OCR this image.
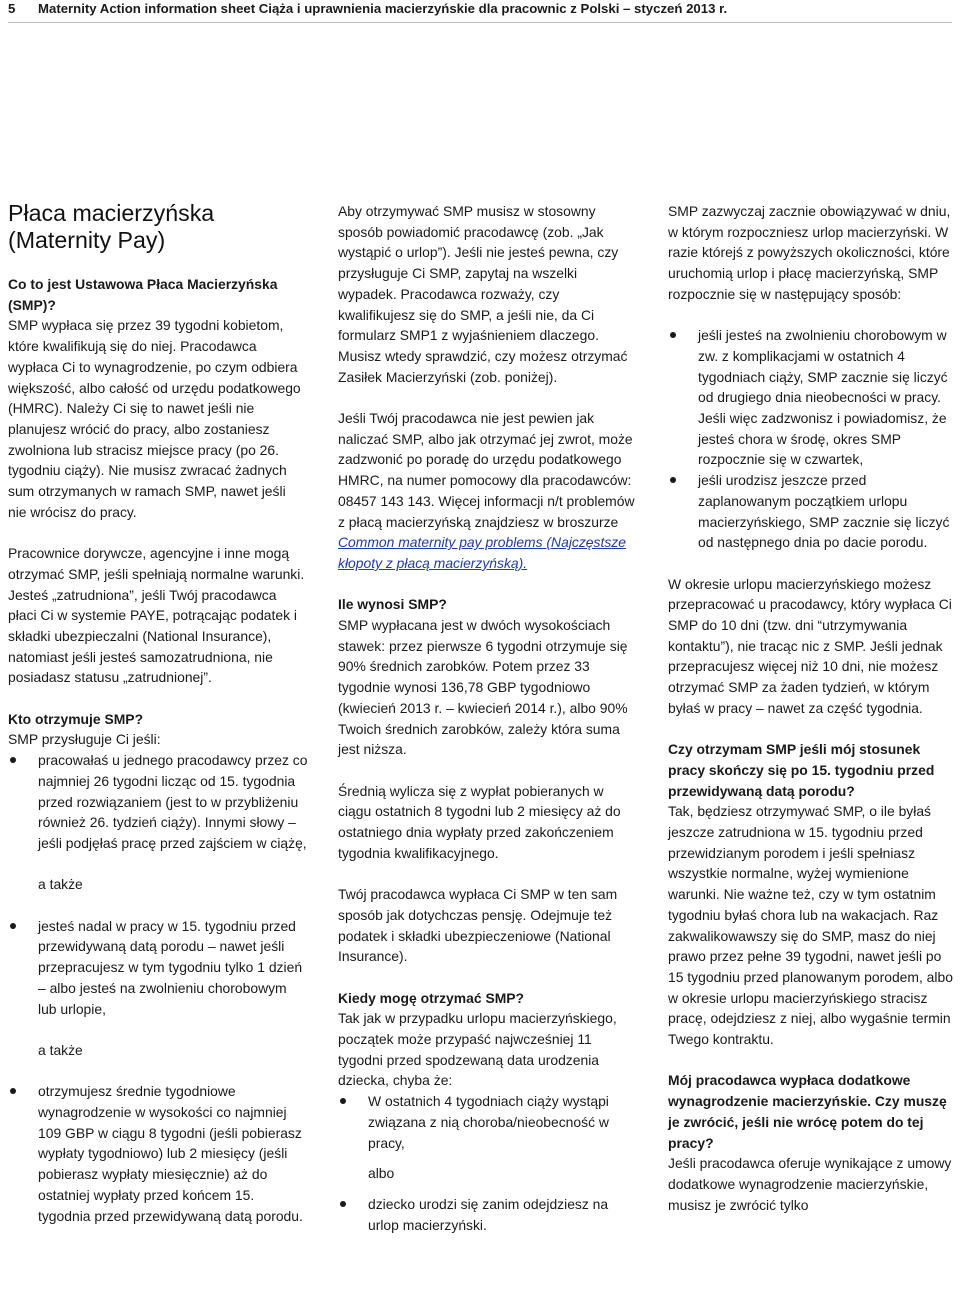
5 Maternity Action information sheet Ciąża i uprawnienia macierzyńskie dla pracownic z Polski – styczeń 2013 r.
Płaca macierzyńska
(Maternity Pay)

Co to jest Ustawowa Płaca Macierzyńska (SMP)?

SMP wypłaca się przez 39 tygodni kobietom, które kwalifikują się do niej. Pracodawca wypłaca Ci to wynagrodzenie, po czym odbiera większość, albo całość od urzędu podatkowego (HMRC). Należy Ci się to nawet jeśli nie planujesz wrócić do pracy, albo zostaniesz zwolniona lub stracisz miejsce pracy (po 26. tygodniu ciąży). Nie musisz zwracać żadnych sum otrzymanych w ramach SMP, nawet jeśli nie wrócisz do pracy.

Pracownice dorywcze, agencyjne i inne mogą otrzymać SMP, jeśli spełniają normalne warunki. Jesteś „zatrudniona”, jeśli Twój pracodawca płaci Ci w systemie PAYE, potrącając podatek i składki ubezpieczalni (National Insurance), natomiast jeśli jesteś samozatrudniona, nie posiadasz statusu „zatrudnionej”.

Kto otrzymuje SMP?

SMP przysługuje Ci jeśli:

pracowałaś u jednego pracodawcy przez co najmniej 26 tygodni licząc od 15. tygodnia przed rozwiązaniem (jest to w przybliżeniu również 26. tydzień ciąży). Innymi słowy – jeśli podjęłaś pracę przed zajściem w ciążę,

a także

jesteś nadal w pracy w 15. tygodniu przed przewidywaną datą porodu – nawet jeśli przepracujesz w tym tygodniu tylko 1 dzień – albo jesteś na zwolnieniu chorobowym lub urlopie,

a także

otrzymujesz średnie tygodniowe wynagrodzenie w wysokości co najmniej 109 GBP w ciągu 8 tygodni (jeśli pobierasz wypłaty tygodniowo) lub 2 miesięcy (jeśli pobierasz wypłaty miesięcznie) aż do ostatniej wypłaty przed końcem 15. tygodnia przed przewidywaną datą porodu.

Aby otrzymywać SMP musisz w stosowny sposób powiadomić pracodawcę (zob. „Jak wystąpić o urlop”). Jeśli nie jesteś pewna, czy przysługuje Ci SMP, zapytaj na wszelki wypadek. Pracodawca rozważy, czy kwalifikujesz się do SMP, a jeśli nie, da Ci formularz SMP1 z wyjaśnieniem dlaczego. Musisz wtedy sprawdzić, czy możesz otrzymać Zasiłek Macierzyński (zob. poniżej).

Jeśli Twój pracodawca nie jest pewien jak naliczać SMP, albo jak otrzymać jej zwrot, może zadzwonić po poradę do urzędu podatkowego HMRC, na numer pomocowy dla pracodawców: 08457 143 143. Więcej informacji n/t problemów z płacą macierzyńską znajdziesz w broszurze Common maternity pay problems (Najczęstsze kłopoty z płacą macierzyńską).

Ile wynosi SMP?

SMP wypłacana jest w dwóch wysokościach stawek: przez pierwsze 6 tygodni otrzymuje się 90% średnich zarobków. Potem przez 33 tygodnie wynosi 136,78 GBP tygodniowo (kwiecień 2013 r. – kwiecień 2014 r.), albo 90% Twoich średnich zarobków, zależy która suma jest niższa.

Średnią wylicza się z wypłat pobieranych w ciągu ostatnich 8 tygodni lub 2 miesięcy aż do ostatniego dnia wypłaty przed zakończeniem tygodnia kwalifikacyjnego.

Twój pracodawca wypłaca Ci SMP w ten sam sposób jak dotychczas pensję. Odejmuje też podatek i składki ubezpieczeniowe (National Insurance).

Kiedy mogę otrzymać SMP?

Tak jak w przypadku urlopu macierzyńskiego, początek może przypaść najwcześniej 11 tygodni przed spodzewaną data urodzenia dziecka, chyba że:

W ostatnich 4 tygodniach ciąży wystąpi związana z nią choroba/nieobecność w pracy,

albo

dziecko urodzi się zanim odejdziesz na urlop macierzyński.

SMP zazwyczaj zacznie obowiązywać w dniu, w którym rozpoczniesz urlop macierzyński. W razie którejś z powyższych okoliczności, które uruchomią urlop i płacę macierzyńską, SMP rozpocznie się w następujący sposób:

jeśli jesteś na zwolnieniu chorobowym w zw. z komplikacjami w ostatnich 4 tygodniach ciąży, SMP zacznie się liczyć od drugiego dnia nieobecności w pracy. Jeśli więc zadzwonisz i powiadomisz, że jesteś chora w środę, okres SMP rozpocznie się w czwartek,
jeśli urodzisz jeszcze przed zaplanowanym początkiem urlopu macierzyńskiego, SMP zacznie się liczyć od następnego dnia po dacie porodu.

W okresie urlopu macierzyńskiego możesz przepracować u pracodawcy, który wypłaca Ci SMP do 10 dni (tzw. dni “utrzymywania kontaktu”), nie tracąc nic z SMP. Jeśli jednak przepracujesz więcej niż 10 dni, nie możesz otrzymać SMP za żaden tydzień, w którym byłaś w pracy – nawet za część tygodnia.

Czy otrzymam SMP jeśli mój stosunek pracy skończy się po 15. tygodniu przed przewidywaną datą porodu?

Tak, będziesz otrzymywać SMP, o ile byłaś jeszcze zatrudniona w 15. tygodniu przed przewidzianym porodem i jeśli spełniasz wszystkie normalne, wyżej wymienione warunki. Nie ważne też, czy w tym ostatnim tygodniu byłaś chora lub na wakacjach. Raz zakwalikowawszy się do SMP, masz do niej prawo przez pełne 39 tygodni, nawet jeśli po 15 tygodniu przed planowanym porodem, albo w okresie urlopu macierzyńskiego stracisz pracę, odejdziesz z niej, albo wygaśnie termin Twego kontraktu.

Mój pracodawca wypłaca dodatkowe wynagrodzenie macierzyńskie. Czy muszę je zwrócić, jeśli nie wrócę potem do tej pracy?

Jeśli pracodawca oferuje wynikające z umowy dodatkowe wynagrodzenie macierzyńskie, musisz je zwrócić tylko
